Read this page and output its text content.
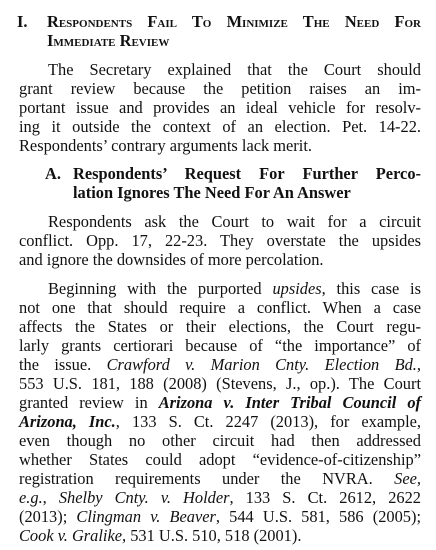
I. Respondents Fail To Minimize The Need For
Immediate Review
The Secretary explained that the Court should
grant review because the petition raises an im-
portant issue and provides an ideal vehicle for resolv-
ing it outside the context of an election. Pet. 14-22.
Respondents’ contrary arguments lack merit.
A. Respondents’ Request For Further Perco-
lation Ignores The Need For An Answer
Respondents ask the Court to wait for a circuit
conflict. Opp. 17, 22-23. They overstate the upsides
and ignore the downsides of more percolation.
Beginning with the purported upsides, this case is
not one that should require a conflict. When a case
affects the States or their elections, the Court regu-
larly grants certiorari because of “the importance” of
the issue. Crawford v. Marion Cnty. Election Bd.,
553 U.S. 181, 188 (2008) (Stevens, J., op.). The Court
granted review in Arizona v. Inter Tribal Council of
Arizona, Inc., 133 S. Ct. 2247 (2013), for example,
even though no other circuit had then addressed
whether States could adopt “evidence-of-citizenship”
registration requirements under the NVRA. See,
e.g., Shelby Cnty. v. Holder, 133 S. Ct. 2612, 2622
(2013); Clingman v. Beaver, 544 U.S. 581, 586 (2005);
Cook v. Gralike, 531 U.S. 510, 518 (2001).
